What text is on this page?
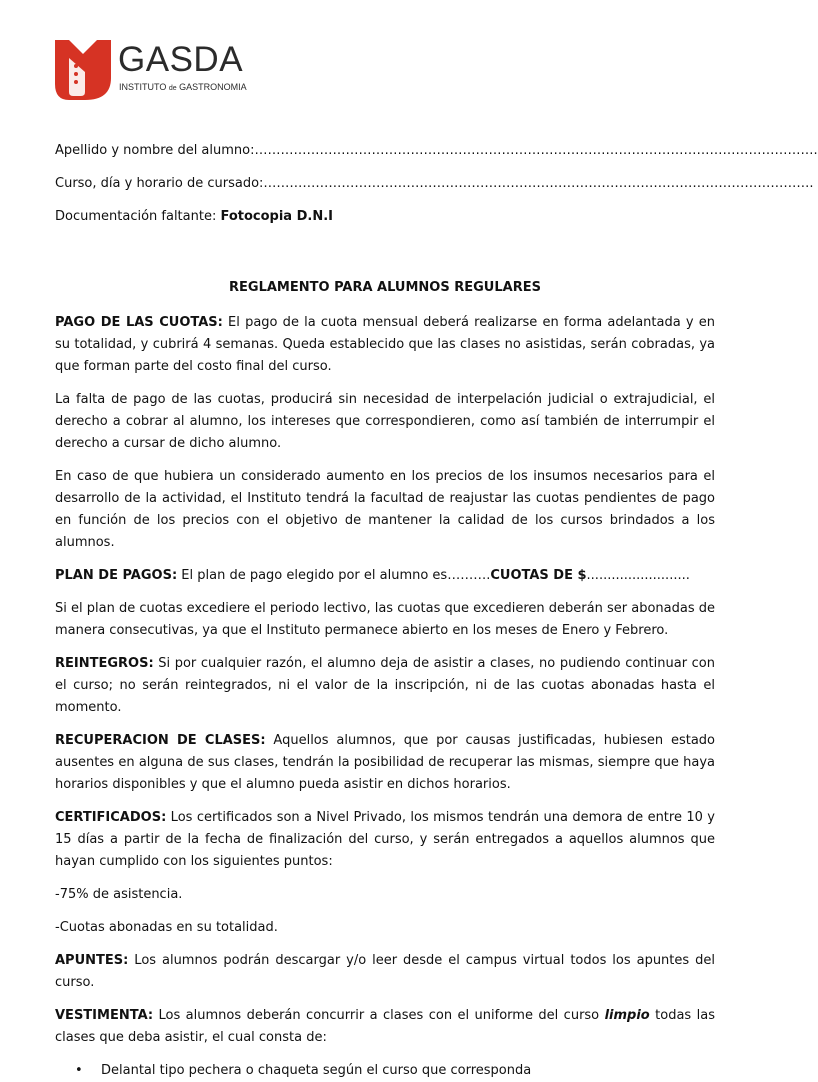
GASDA
INSTITUTO de GASTRONOMIA
Apellido y nombre del alumno:………………………………………………………………………………………………………………….
Curso, día y horario de cursado:……………………………………………………………………………………………………………….
Documentación faltante: Fotocopia D.N.I
REGLAMENTO PARA ALUMNOS REGULARES

PAGO DE LAS CUOTAS: El pago de la cuota mensual deberá realizarse en forma adelantada y en su totalidad, y cubrirá 4 semanas. Queda establecido que las clases no asistidas, serán cobradas, ya que forman parte del costo final del curso.

La falta de pago de las cuotas, producirá sin necesidad de interpelación judicial o extrajudicial, el derecho a cobrar al alumno, los intereses que correspondieren, como así también de interrumpir el derecho a cursar de dicho alumno.

En caso de que hubiera un considerado aumento en los precios de los insumos necesarios para el desarrollo de la actividad, el Instituto tendrá la facultad de reajustar las cuotas pendientes de pago en función de los precios con el objetivo de mantener la calidad de los cursos brindados a los alumnos.

PLAN DE PAGOS: El plan de pago elegido por el alumno es……….CUOTAS DE $.........................

Si el plan de cuotas excediere el periodo lectivo, las cuotas que excedieren deberán ser abonadas de manera consecutivas, ya que el Instituto permanece abierto en los meses de Enero y Febrero.

REINTEGROS: Si por cualquier razón, el alumno deja de asistir a clases, no pudiendo continuar con el curso; no serán reintegrados, ni el valor de la inscripción, ni de las cuotas abonadas hasta el momento.

RECUPERACION DE CLASES: Aquellos alumnos, que por causas justificadas, hubiesen estado ausentes en alguna de sus clases, tendrán la posibilidad de recuperar las mismas, siempre que haya horarios disponibles y que el alumno pueda asistir en dichos horarios.

CERTIFICADOS: Los certificados son a Nivel Privado, los mismos tendrán una demora de entre 10 y 15 días a partir de la fecha de finalización del curso, y serán entregados a aquellos alumnos que hayan cumplido con los siguientes puntos:

-75% de asistencia.

-Cuotas abonadas en su totalidad.

APUNTES: Los alumnos podrán descargar y/o leer desde el campus virtual todos los apuntes del curso.

VESTIMENTA: Los alumnos deberán concurrir a clases con el uniforme del curso limpio todas las clases que deba asistir, el cual consta de:

• Delantal tipo pechera o chaqueta según el curso que corresponda
